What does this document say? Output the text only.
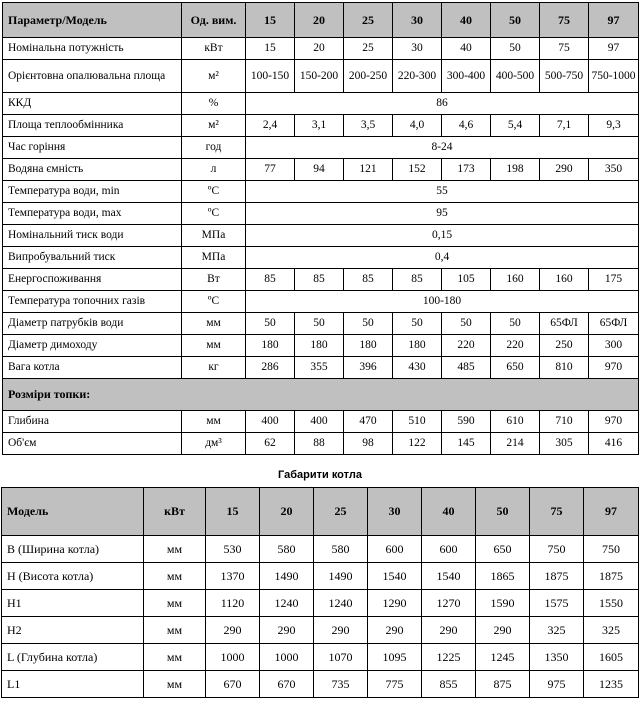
Параметр/Модель	Од. вим.	15	20	25	30	40	50	75	97
Номінальна потужність	кВт	15	20	25	30	40	50	75	97
Орієнтовна опалювальна площа	м²	100-150	150-200	200-250	220-300	300-400	400-500	500-750	750-1000
ККД	%	86							
Площа теплообмінника	м²	2,4	3,1	3,5	4,0	4,6	5,4	7,1	9,3
Час горіння	год	8-24							
Водяна ємність	л	77	94	121	152	173	198	290	350
Температура води, min	ºС	55							
Температура води, max	ºС	95							
Номінальний тиск води	МПа	0,15							
Випробувальний тиск	МПа	0,4							
Енергоспоживання	Вт	85	85	85	85	105	160	160	175
Температура топочних газів	ºС	100-180							
Діаметр патрубків води	мм	50	50	50	50	50	50	65ФЛ	65ФЛ
Діаметр димоходу	мм	180	180	180	180	220	220	250	300
Вага котла	кг	286	355	396	430	485	650	810	970
Розміри топки:									
Глибина	мм	400	400	470	510	590	610	710	970
Об'єм	дм³	62	88	98	122	145	214	305	416
Габарити котла
Модель	кВт	15	20	25	30	40	50	75	97
B (Ширина котла)	мм	530	580	580	600	600	650	750	750
H (Висота котла)	мм	1370	1490	1490	1540	1540	1865	1875	1875
H1	мм	1120	1240	1240	1290	1270	1590	1575	1550
H2	мм	290	290	290	290	290	290	325	325
L (Глубина котла)	мм	1000	1000	1070	1095	1225	1245	1350	1605
L1	мм	670	670	735	775	855	875	975	1235
